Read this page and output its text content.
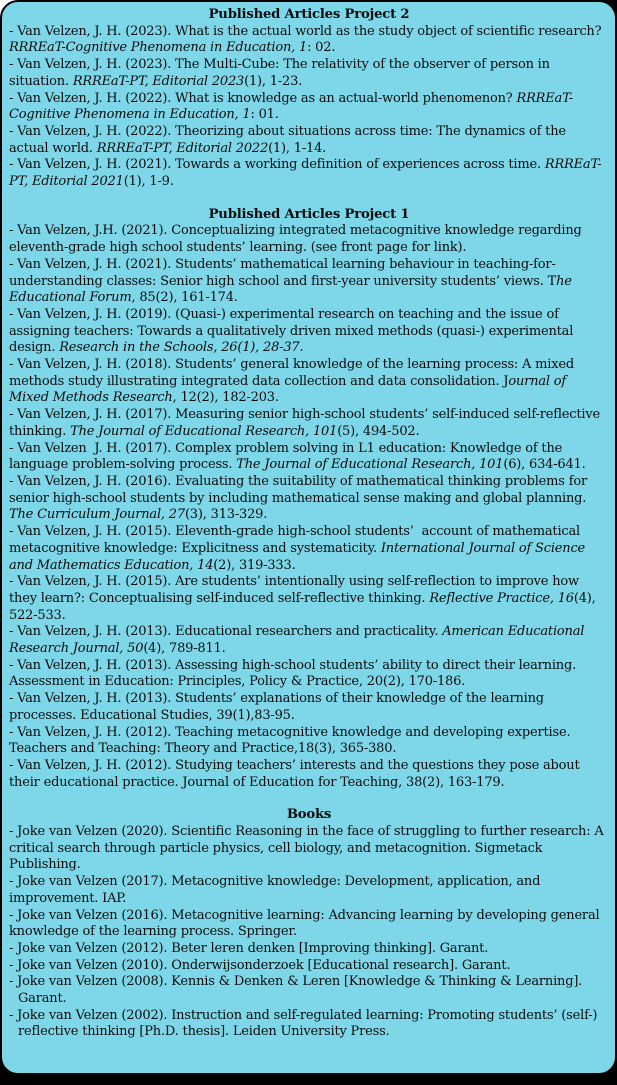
Published Articles Project 2

- Van Velzen, J. H. (2023). What is the actual world as the study object of scientific research? RRREaT-Cognitive Phenomena in Education, 1: 02.

- Van Velzen, J. H. (2023). The Multi-Cube: The relativity of the observer of person in situation. RRREaT-PT, Editorial 2023(1), 1-23.

- Van Velzen, J. H. (2022). What is knowledge as an actual-world phenomenon? RRREaT-Cognitive Phenomena in Education, 1: 01.

- Van Velzen, J. H. (2022). Theorizing about situations across time: The dynamics of the actual world. RRREaT-PT, Editorial 2022(1), 1-14.

- Van Velzen, J. H. (2021). Towards a working definition of experiences across time. RRREaT-PT, Editorial 2021(1), 1-9.

Published Articles Project 1

- Van Velzen, J.H. (2021). Conceptualizing integrated metacognitive knowledge regarding eleventh-grade high school students’ learning. (see front page for link).

- Van Velzen, J. H. (2021). Students’ mathematical learning behaviour in teaching-for-understanding classes: Senior high school and first-year university students’ views. The Educational Forum, 85(2), 161-174.

- Van Velzen, J. H. (2019). (Quasi-) experimental research on teaching and the issue of assigning teachers: Towards a qualitatively driven mixed methods (quasi-) experimental design. Research in the Schools, 26(1), 28-37.

- Van Velzen, J. H. (2018). Students’ general knowledge of the learning process: A mixed methods study illustrating integrated data collection and data consolidation. Journal of Mixed Methods Research, 12(2), 182-203.

- Van Velzen, J. H. (2017). Measuring senior high-school students’ self-induced self-reflective thinking. The Journal of Educational Research, 101(5), 494-502.

- Van Velzen  J. H. (2017). Complex problem solving in L1 education: Knowledge of the language problem-solving process. The Journal of Educational Research, 101(6), 634-641.

- Van Velzen, J. H. (2016). Evaluating the suitability of mathematical thinking problems for senior high-school students by including mathematical sense making and global planning. The Curriculum Journal, 27(3), 313-329.

- Van Velzen, J. H. (2015). Eleventh-grade high-school students’  account of mathematical metacognitive knowledge: Explicitness and systematicity. International Journal of Science and Mathematics Education, 14(2), 319-333.

- Van Velzen, J. H. (2015). Are students’ intentionally using self-reflection to improve how they learn?: Conceptualising self-induced self-reflective thinking. Reflective Practice, 16(4), 522-533.

- Van Velzen, J. H. (2013). Educational researchers and practicality. American Educational Research Journal, 50(4), 789-811.

- Van Velzen, J. H. (2013). Assessing high-school students’ ability to direct their learning. Assessment in Education: Principles, Policy & Practice, 20(2), 170-186.

- Van Velzen, J. H. (2013). Students’ explanations of their knowledge of the learning processes. Educational Studies, 39(1),83-95.

- Van Velzen, J. H. (2012). Teaching metacognitive knowledge and developing expertise. Teachers and Teaching: Theory and Practice,18(3), 365-380.

- Van Velzen, J. H. (2012). Studying teachers’ interests and the questions they pose about their educational practice. Journal of Education for Teaching, 38(2), 163-179.

Books

- Joke van Velzen (2020). Scientific Reasoning in the face of struggling to further research: A critical search through particle physics, cell biology, and metacognition. Sigmetack Publishing.

- Joke van Velzen (2017). Metacognitive knowledge: Development, application, and improvement. IAP.

- Joke van Velzen (2016). Metacognitive learning: Advancing learning by developing general knowledge of the learning process. Springer.

- Joke van Velzen (2012). Beter leren denken [Improving thinking]. Garant.

- Joke van Velzen (2010). Onderwijsonderzoek [Educational research]. Garant.

- Joke van Velzen (2008). Kennis & Denken & Leren [Knowledge & Thinking & Learning]. Garant.

- Joke van Velzen (2002). Instruction and self-regulated learning: Promoting students’ (self-) reflective thinking [Ph.D. thesis]. Leiden University Press.
